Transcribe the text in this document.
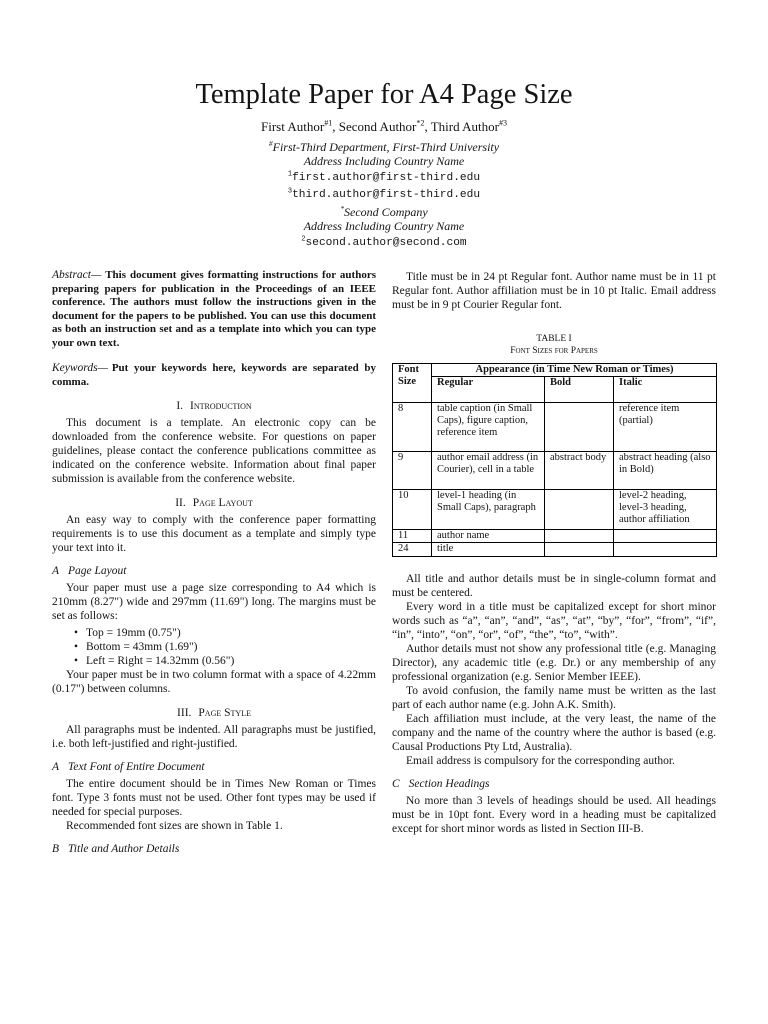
Template Paper for A4 Page Size
First Author$^{\#1}$, Second Author$^{*2}$, Third Author$^{\#3}$
#First-Third Department, First-Third University
Address Including Country Name
$^1$first.author@first-third.edu
$^3$third.author@first-third.edu
*Second Company
Address Including Country Name
$^2$second.author@second.com
Abstract— This document gives formatting instructions for authors preparing papers for publication in the Proceedings of an IEEE conference. The authors must follow the instructions given in the document for the papers to be published. You can use this document as both an instruction set and as a template into which you can type your own text.
Keywords— Put your keywords here, keywords are separated by comma.
I. Introduction

This document is a template. An electronic copy can be downloaded from the conference website. For questions on paper guidelines, please contact the conference publications committee as indicated on the conference website. Information about final paper submission is available from the conference website.

II. Page Layout

An easy way to comply with the conference paper formatting requirements is to use this document as a template and simply type your text into it.

A Page Layout

Your paper must use a page size corresponding to A4 which is 210mm (8.27") wide and 297mm (11.69") long. The margins must be set as follows:

• Top = 19mm (0.75")
• Bottom = 43mm (1.69")
• Left = Right = 14.32mm (0.56")

Your paper must be in two column format with a space of 4.22mm (0.17") between columns.

III. Page Style

All paragraphs must be indented. All paragraphs must be justified, i.e. both left-justified and right-justified.

A Text Font of Entire Document

The entire document should be in Times New Roman or Times font. Type 3 fonts must not be used. Other font types may be used if needed for special purposes.

Recommended font sizes are shown in Table 1.

B Title and Author Details

Title must be in 24 pt Regular font. Author name must be in 11 pt Regular font. Author affiliation must be in 10 pt Italic. Email address must be in 9 pt Courier Regular font.

TABLE I
Font Sizes for Papers
Font Size	Appearance (in Time New Roman or Times)		
	Regular	Bold	Italic
8	table caption (in Small Caps), figure caption, reference item		reference item (partial)
9	author email address (in Courier), cell in a table	abstract body	abstract heading (also in Bold)
10	level-1 heading (in Small Caps), paragraph		level-2 heading, level-3 heading, author affiliation
11	author name		
24	title		

All title and author details must be in single-column format and must be centered.

Every word in a title must be capitalized except for short minor words such as “a”, “an”, “and”, “as”, “at”, “by”, “for”, “from”, “if”, “in”, “into”, “on”, “or”, “of”, “the”, “to”, “with”.

Author details must not show any professional title (e.g. Managing Director), any academic title (e.g. Dr.) or any membership of any professional organization (e.g. Senior Member IEEE).

To avoid confusion, the family name must be written as the last part of each author name (e.g. John A.K. Smith).

Each affiliation must include, at the very least, the name of the company and the name of the country where the author is based (e.g. Causal Productions Pty Ltd, Australia).

Email address is compulsory for the corresponding author.

C Section Headings

No more than 3 levels of headings should be used. All headings must be in 10pt font. Every word in a heading must be capitalized except for short minor words as listed in Section III-B.
